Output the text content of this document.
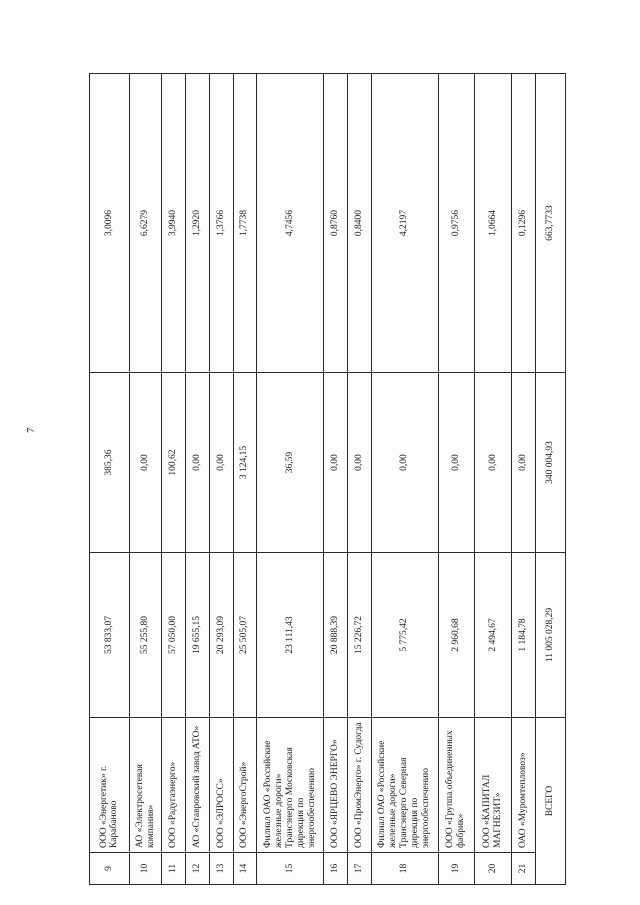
7
9	ООО «Энергетик» г. Карабаново	53 833,07	385,36	3,0096
10	АО «Электросетевая компания»	55 255,80	0,00	6,6279
11	ООО «Радугаэнерго»	57 050,00	100,62	3,9940
12	АО «Ставровский завод АТО»	19 655,15	0,00	1,2920
13	ООО «ЭЛРОСС»	20 293,09	0,00	1,3766
14	ООО «ЭнергоСтрой»	25 505,07	3 124,15	1,7738
15	Филиал ОАО «Российские железные дороги» Трансэнерго Московская дирекция по энергообеспечению	23 111,43	36,59	4,7456
16	ООО «ЯРЦЕВО ЭНЕРГО»	20 888,39	0,00	0,8760
17	ООО «ПромЭнерго» г. Судогда	15 226,72	0,00	0,8400
18	Филиал ОАО «Российские железные дороги» Трансэнерго Северная дирекция по энергообеспечению	5 775,42	0,00	4,2197
19	ООО «Группа объединенных фабрик»	2 960,68	0,00	0,9756
20	ООО «КАПИТАЛ МАГНЕЗИТ»	2 494,67	0,00	1,0664
21	ОАО «Муромтепловоз»	1 184,78	0,00	0,1296
ВСЕГО		11 005 028,29	340 004,93	663,7733
